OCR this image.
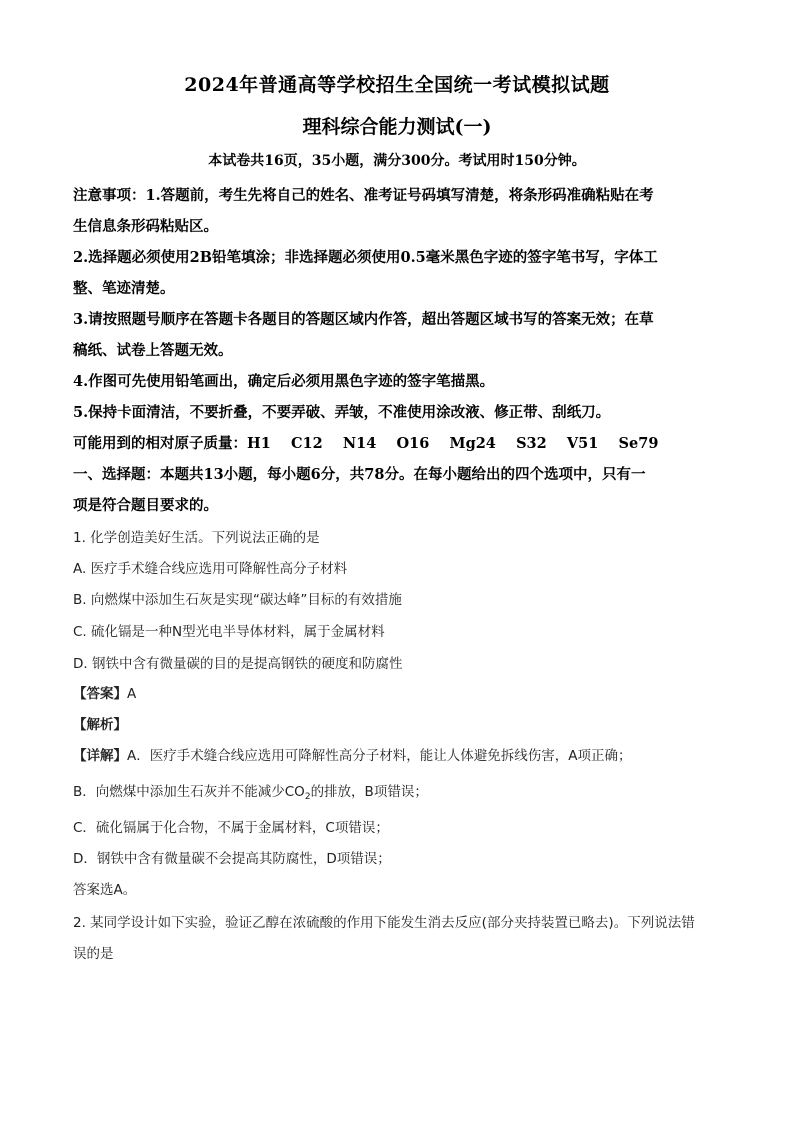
2024年普通高等学校招生全国统一考试模拟试题
理科综合能力测试(一)
本试卷共16页，35小题，满分300分。考试用时150分钟。

注意事项：1.答题前，考生先将自己的姓名、准考证号码填写清楚，将条形码准确粘贴在考

生信息条形码粘贴区。

2.选择题必须使用2B铅笔填涂；非选择题必须使用0.5毫米黑色字迹的签字笔书写，字体工

整、笔迹清楚。

3.请按照题号顺序在答题卡各题目的答题区域内作答，超出答题区域书写的答案无效；在草

稿纸、试卷上答题无效。

4.作图可先使用铅笔画出，确定后必须用黑色字迹的签字笔描黑。

5.保持卡面清洁，不要折叠，不要弄破、弄皱，不准使用涂改液、修正带、刮纸刀。

可能用到的相对原子质量：H1    C12    N14    O16    Mg24    S32    V51    Se79

一、选择题：本题共13小题，每小题6分，共78分。在每小题给出的四个选项中，只有一

项是符合题目要求的。

1. 化学创造美好生活。下列说法正确的是
A. 医疗手术缝合线应选用可降解性高分子材料
B. 向燃煤中添加生石灰是实现“碳达峰”目标的有效措施
C. 硫化镉是一种N型光电半导体材料，属于金属材料
D. 钢铁中含有微量碳的目的是提高钢铁的硬度和防腐性
【答案】A
【解析】
【详解】A．医疗手术缝合线应选用可降解性高分子材料，能让人体避免拆线伤害，A项正确；
B．向燃煤中添加生石灰并不能减少$CO_2$的排放，B项错误；
C．硫化镉属于化合物，不属于金属材料，C项错误；
D．钢铁中含有微量碳不会提高其防腐性，D项错误；
答案选A。
2. 某同学设计如下实验，验证乙醇在浓硫酸的作用下能发生消去反应(部分夹持装置已略去)。下列说法错
误的是
